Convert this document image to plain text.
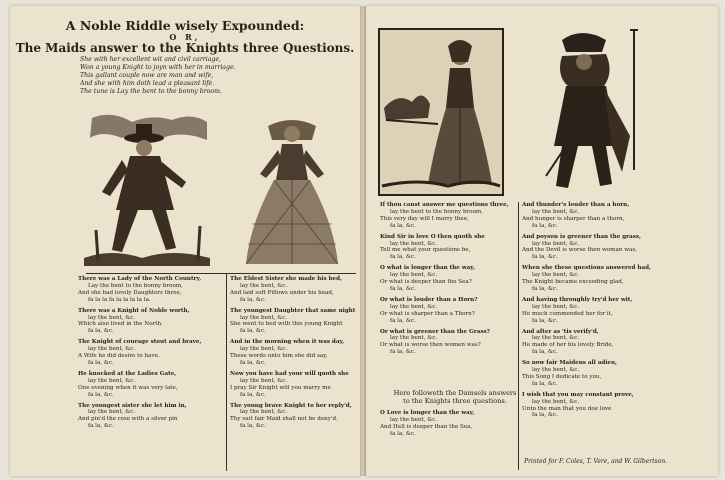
A Noble Riddle wisely Expounded:
O R,
The Maids answer to the Knights three Questions.
She with her excellent wit and civil carriage,
Won a young Knight to joyn with her in marriage.
This gallant couple now are man and wife,
And she with him doth lead a pleasant life.
The tune is Lay the bent to the bonny broom.
There was a Lady of the North Country,
Lay the bent to the bonny broom,
And she had lovely Daughters three,
fa la la fa la la la la la.
There was a Knight of Noble worth,
lay the bent, &c.
Which also lived in the North.
fa la, &c.
The Knight of courage stout and brave,
lay the bent, &c.
A Wife he did desire to have.
fa la, &c.
He knocked at the Ladies Gate,
lay the bent, &c.
One evening when it was very late,
fa la, &c.
The youngest sister she let him in,
lay the bent, &c.
And pin'd the rose with a silver pin
fa la, &c.
The Eldest Sister she made his bed,
lay the bent, &c.
And laid soft Pillows under his head,
fa la, &c.
The youngest Daughter that same night
lay the bent, &c.
She went to bed with this young Knight
fa la, &c.
And in the morning when it was day,
lay the bent, &c.
These words unto him she did say,
fa la, &c.
Now you have had your will quoth she
lay the bent, &c.
I pray Sir Knight will you marry me
fa la, &c.
The young brave Knight to her reply'd,
lay the bent, &c.
Thy suit fair Maid shall not be deny'd.
fa la, &c.
If thou canst answer me questions three,
lay the bent to the bonny broom,
This very day will I marry thee,
fa la, &c.
Kind Sir in love O then quoth she
lay the bent, &c.
Tell me what your questions be,
fa la, &c.
O what is longer than the way,
lay the bent, &c.
Or what is deeper than the Sea?
fa la, &c.
Or what is louder than a Horn?
lay the bent, &c.
Or what is sharper than a Thorn?
fa la, &c.
Or what is greener than the Grass?
lay the bent, &c.
Or what is worse then women was?
fa la, &c.
Here followeth the Damsels answers
to the Knights three questions.
O Love is longer than the way,
lay the bent, &c.
And Hell is deeper than the Sea,
fa la, &c.
And thunder's louder than a horn,
lay the bent, &c.
And hunger is sharper than a thorn,
fa la, &c.
And poyson is greener than the grass,
lay the bent, &c.
And the Devil is worse then woman was,
fa la, &c.
When she these questions answered had,
lay the bent, &c.
The Knight became exceeding glad,
fa la, &c.
And having throughly try'd her wit,
lay the bent, &c.
He much commended her for it,
fa la, &c.
And after as 'tis verify'd,
lay the bent, &c.
He made of her his lovely Bride,
fa la, &c.
So now fair Maidens all adieu,
lay the bent, &c.
This Song I dedicate to you,
fa la, &c.
I wish that you may constant prove,
lay the bent, &c.
Unto the man that you doe love
fa la, &c.
Printed for F. Coles, T. Vere, and W. Gilbertson.
